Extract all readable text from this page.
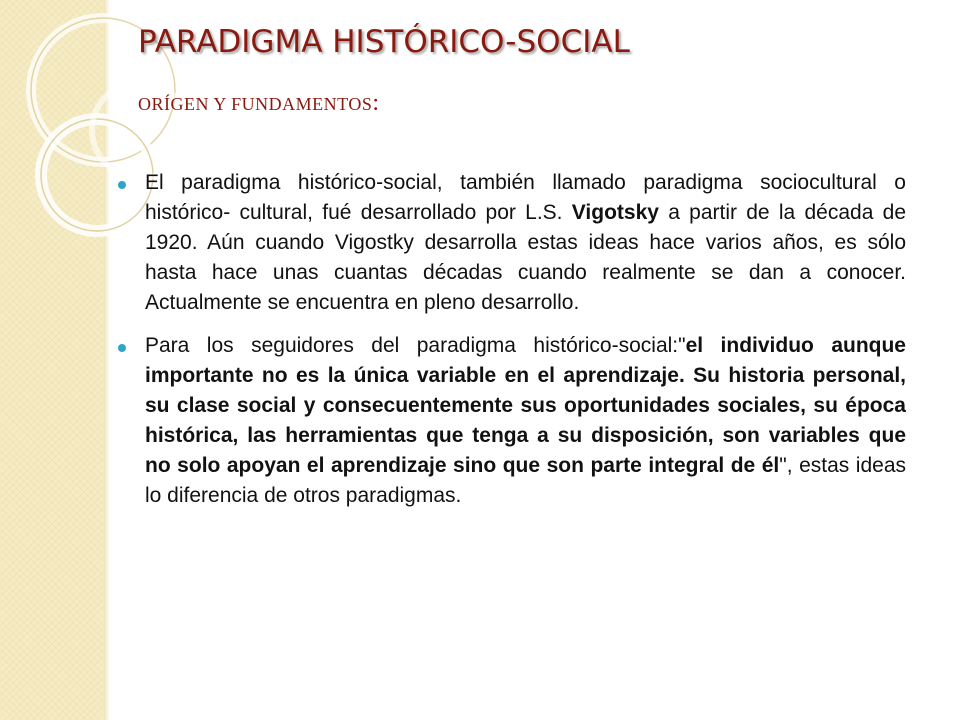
PARADIGMA HISTÓRICO-SOCIAL
ORÍGEN Y FUNDAMENTOS:
El paradigma histórico-social, también llamado paradigma sociocultural o histórico- cultural, fué desarrollado por L.S. Vigotsky a partir de la década de 1920. Aún cuando Vigostky desarrolla estas ideas hace varios años, es sólo hasta hace unas cuantas décadas cuando realmente se dan a conocer. Actualmente se encuentra en pleno desarrollo.
Para los seguidores del paradigma histórico-social:"el individuo aunque importante no es la única variable en el aprendizaje. Su historia personal, su clase social y consecuentemente sus oportunidades sociales, su época histórica, las herramientas que tenga a su disposición, son variables que no solo apoyan el aprendizaje sino que son parte integral de él", estas ideas lo diferencia de otros paradigmas.
